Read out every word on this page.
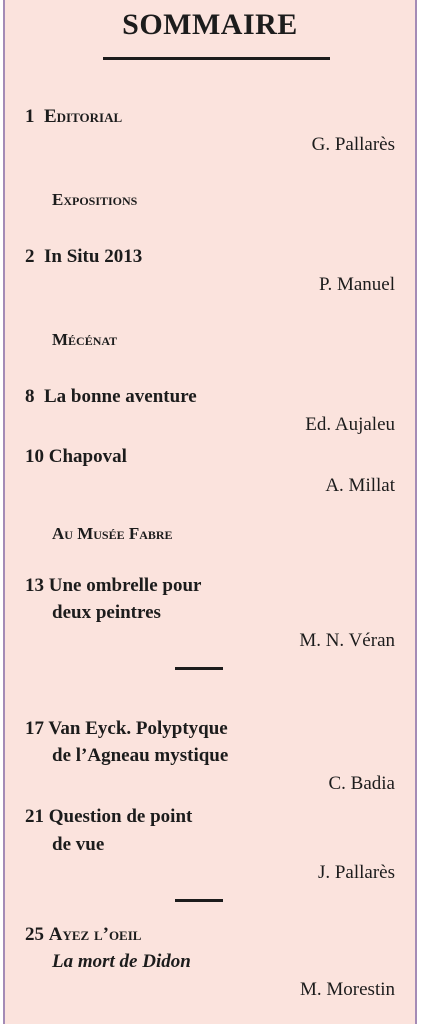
SOMMAIRE
1 Editorial
G. Pallarès
Expositions
2 In Situ 2013
P. Manuel
Mécénat
8 La bonne aventure
Ed. Aujaleu
10 Chapoval
A. Millat
Au Musée Fabre
13 Une ombrelle pour
deux peintres
M. N. Véran
17 Van Eyck. Polyptyque
de l’Agneau mystique
C. Badia
21 Question de point
de vue
J. Pallarès
25 Ayez l’oeil
La mort de Didon
M. Morestin
